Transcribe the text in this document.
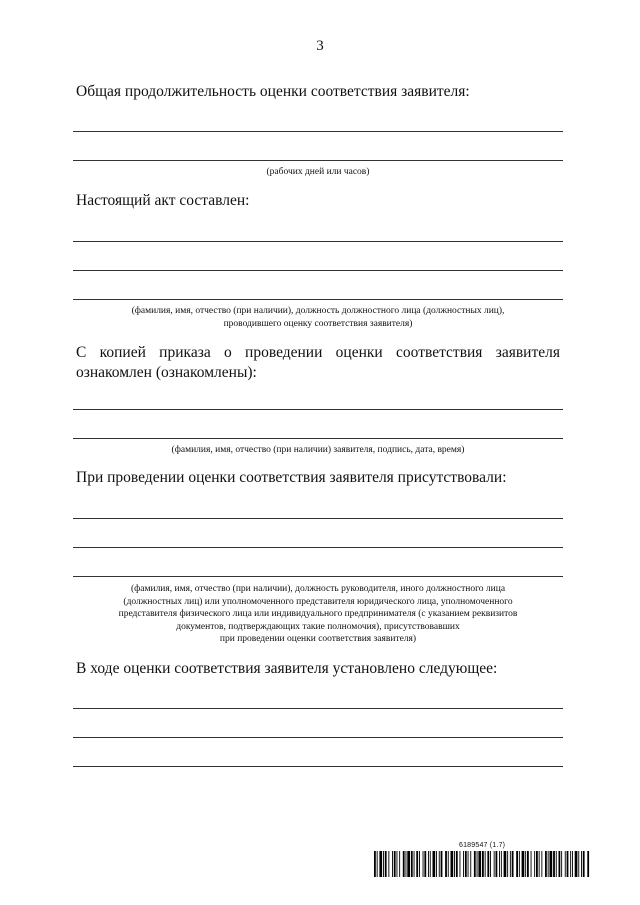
3
Общая продолжительность оценки соответствия заявителя:
(рабочих дней или часов)
Настоящий акт составлен:
(фамилия, имя, отчество (при наличии), должность должностного лица (должностных лиц),
проводившего оценку соответствия заявителя)
С копией приказа о проведении оценки соответствия заявителя ознакомлен (ознакомлены):
(фамилия, имя, отчество (при наличии) заявителя, подпись, дата, время)
При проведении оценки соответствия заявителя присутствовали:
(фамилия, имя, отчество (при наличии), должность руководителя, иного должностного лица
(должностных лиц) или уполномоченного представителя юридического лица, уполномоченного
представителя физического лица или индивидуального предпринимателя (с указанием реквизитов
документов, подтверждающих такие полномочия), присутствовавших
при проведении оценки соответствия заявителя)
В ходе оценки соответствия заявителя установлено следующее:
6189547 (1.7)
